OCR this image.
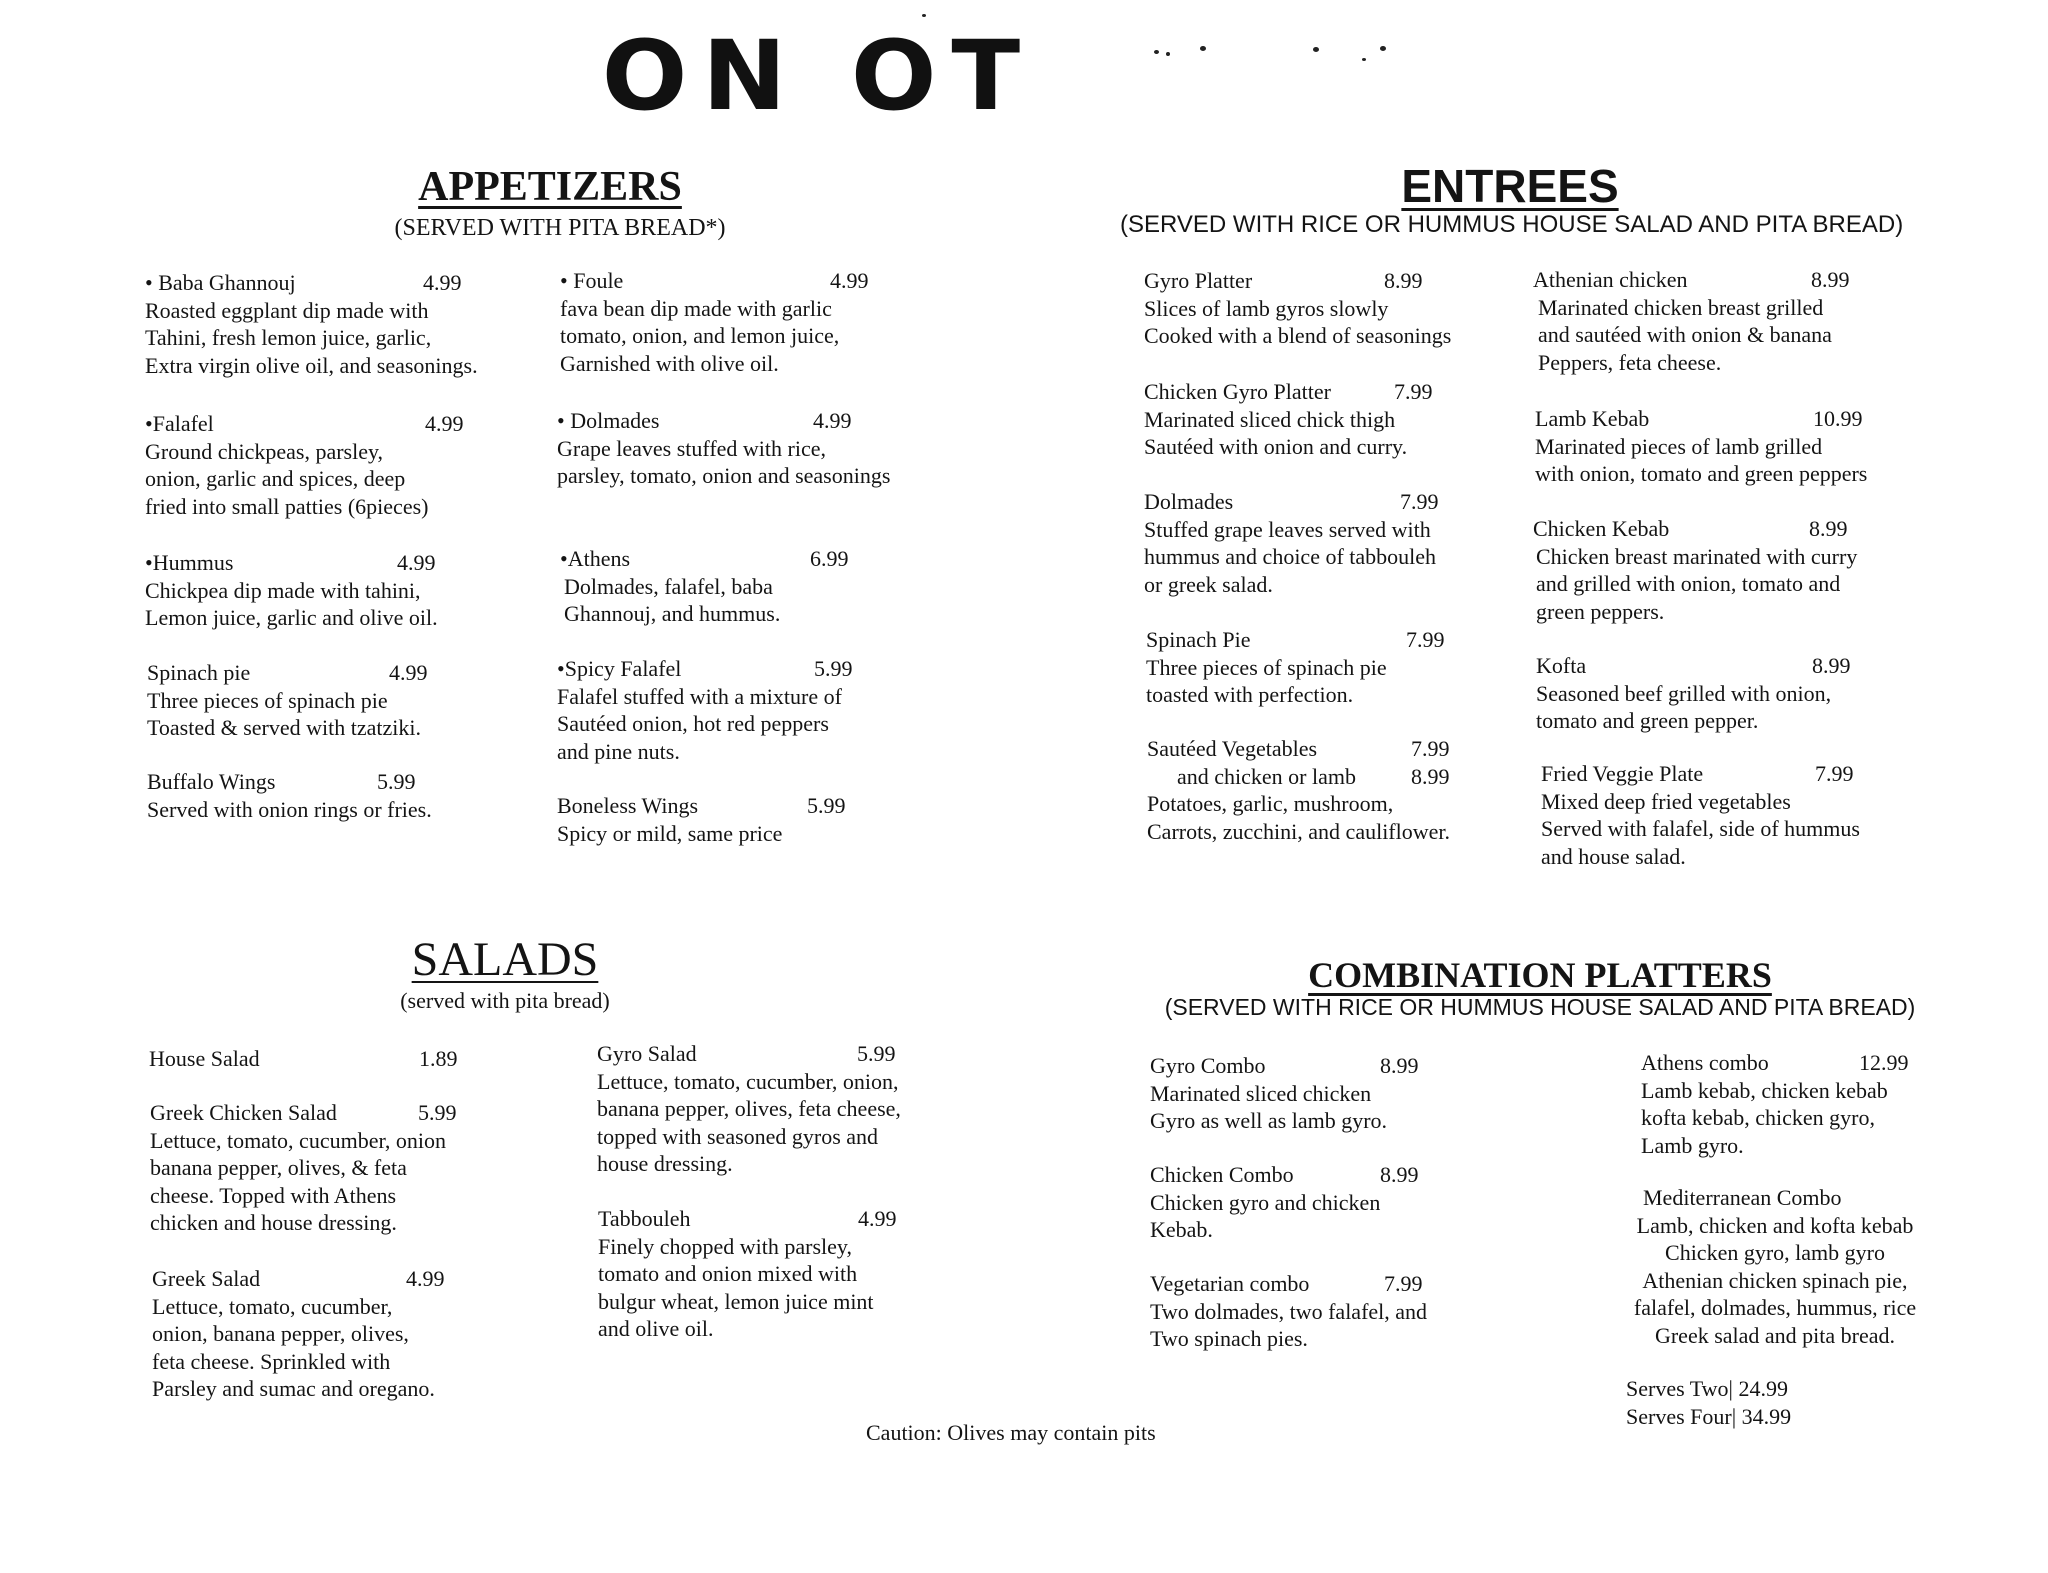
ON OT
APPETIZERS
(SERVED WITH PITA BREAD*)
• Baba Ghannouj	4.99
Roasted eggplant dip made with
Tahini, fresh lemon juice, garlic,
Extra virgin olive oil, and seasonings.
•Falafel	4.99
Ground chickpeas, parsley,
onion, garlic and spices, deep
fried into small patties (6pieces)
•Hummus	4.99
Chickpea dip made with tahini,
Lemon juice, garlic and olive oil.
Spinach pie	4.99
Three pieces of spinach pie
Toasted & served with tzatziki.
Buffalo Wings	5.99
Served with onion rings or fries.
• Foule	4.99
fava bean dip made with garlic
tomato, onion, and lemon juice,
Garnished with olive oil.
• Dolmades	4.99
Grape leaves stuffed with rice,
parsley, tomato, onion and seasonings
•Athens	6.99
Dolmades, falafel, baba
Ghannouj, and hummus.
•Spicy Falafel	5.99
Falafel stuffed with a mixture of
Sautéed onion, hot red peppers
and pine nuts.
Boneless Wings	5.99
Spicy or mild, same price
ENTREES
(SERVED WITH RICE OR HUMMUS HOUSE SALAD AND PITA BREAD)
Gyro Platter	8.99
Slices of lamb gyros slowly
Cooked with a blend of seasonings
Chicken Gyro Platter	7.99
Marinated sliced chick thigh
Sautéed with onion and curry.
Dolmades	7.99
Stuffed grape leaves served with
hummus and choice of tabbouleh
or greek salad.
Spinach Pie	7.99
Three pieces of spinach pie
toasted with perfection.
Sautéed Vegetables	7.99
and chicken or lamb	8.99
Potatoes, garlic, mushroom,
Carrots, zucchini, and cauliflower.
Athenian chicken	8.99
Marinated chicken breast grilled
and sautéed with onion & banana
Peppers, feta cheese.
Lamb Kebab	10.99
Marinated pieces of lamb grilled
with onion, tomato and green peppers
Chicken Kebab	8.99
Chicken breast marinated with curry
and grilled with onion, tomato and
green peppers.
Kofta	8.99
Seasoned beef grilled with onion,
tomato and green pepper.
Fried Veggie Plate	7.99
Mixed deep fried vegetables
Served with falafel, side of hummus
and house salad.
SALADS
(served with pita bread)
House Salad	1.89
Greek Chicken Salad	5.99
Lettuce, tomato, cucumber, onion
banana pepper, olives, & feta
cheese. Topped with Athens
chicken and house dressing.
Greek Salad	4.99
Lettuce, tomato, cucumber,
onion, banana pepper, olives,
feta cheese. Sprinkled with
Parsley and sumac and oregano.
Gyro Salad	5.99
Lettuce, tomato, cucumber, onion,
banana pepper, olives, feta cheese,
topped with seasoned gyros and
house dressing.
Tabbouleh	4.99
Finely chopped with parsley,
tomato and onion mixed with
bulgur wheat, lemon juice mint
and olive oil.
COMBINATION PLATTERS
(SERVED WITH RICE OR HUMMUS HOUSE SALAD AND PITA BREAD)
Gyro Combo	8.99
Marinated sliced chicken
Gyro as well as lamb gyro.
Chicken Combo	8.99
Chicken gyro and chicken
Kebab.
Vegetarian combo	7.99
Two dolmades, two falafel, and
Two spinach pies.
Athens combo	12.99
Lamb kebab, chicken kebab
kofta kebab, chicken gyro,
Lamb gyro.
Mediterranean Combo
Lamb, chicken and kofta kebab
Chicken gyro, lamb gyro
Athenian chicken spinach pie,
falafel, dolmades, hummus, rice
Greek salad and pita bread.
Serves Two| 24.99
Serves Four| 34.99
Caution: Olives may contain pits
